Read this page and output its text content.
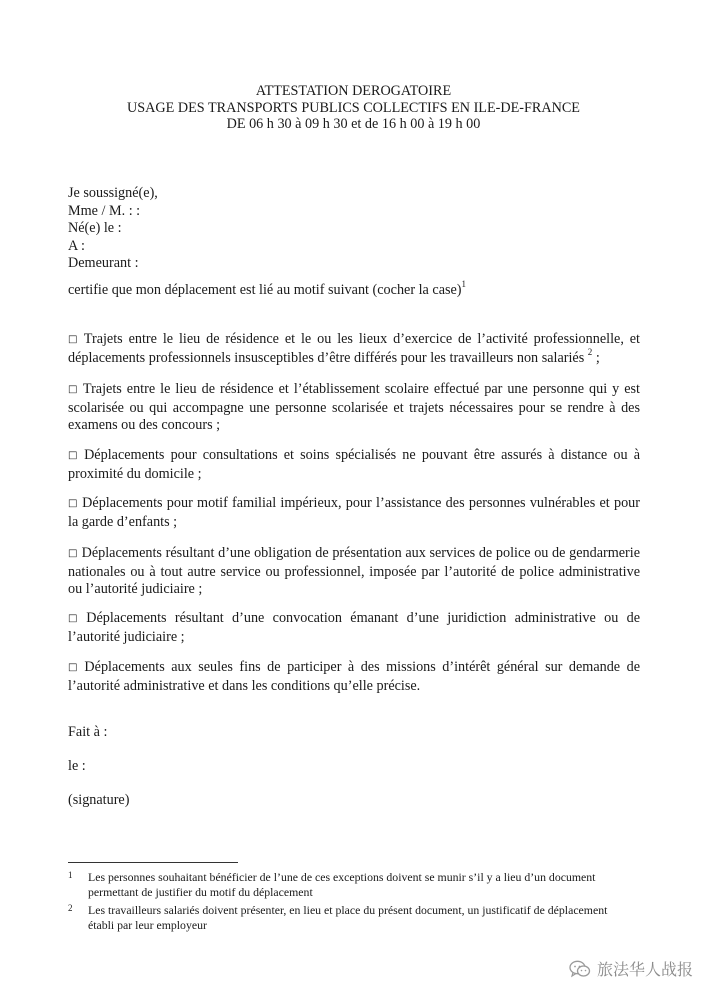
ATTESTATION DEROGATOIRE
USAGE DES TRANSPORTS PUBLICS COLLECTIFS EN ILE-DE-FRANCE
DE 06 h 30 à 09 h 30 et de 16 h 00 à 19 h 00
Je soussigné(e),
Mme / M. : :
Né(e) le :
A :
Demeurant :
certifie que mon déplacement est lié au motif suivant (cocher la case)$^1$
□ Trajets entre le lieu de résidence et le ou les lieux d’exercice de l’activité professionnelle, et déplacements professionnels insusceptibles d’être différés pour les travailleurs non salariés $^2$ ;
□ Trajets entre le lieu de résidence et l’établissement scolaire effectué par une personne qui y est scolarisée ou qui accompagne une personne scolarisée et trajets nécessaires pour se rendre à des examens ou des concours ;
□ Déplacements pour consultations et soins spécialisés ne pouvant être assurés à distance ou à proximité du domicile ;
□ Déplacements pour motif familial impérieux, pour l’assistance des personnes vulnérables et pour la garde d’enfants ;
□ Déplacements résultant d’une obligation de présentation aux services de police ou de gendarmerie nationales ou à tout autre service ou professionnel, imposée par l’autorité de police administrative ou l’autorité judiciaire ;
□ Déplacements résultant d’une convocation émanant d’une juridiction administrative ou de l’autorité judiciaire ;
□ Déplacements aux seules fins de participer à des missions d’intérêt général sur demande de l’autorité administrative et dans les conditions qu’elle précise.
Fait à :
le :
(signature)
1 Les personnes souhaitant bénéficier de l’une de ces exceptions doivent se munir s’il y a lieu d’un document permettant de justifier du motif du déplacement
2 Les travailleurs salariés doivent présenter, en lieu et place du présent document, un justificatif de déplacement établi par leur employeur
旅法华人战报
